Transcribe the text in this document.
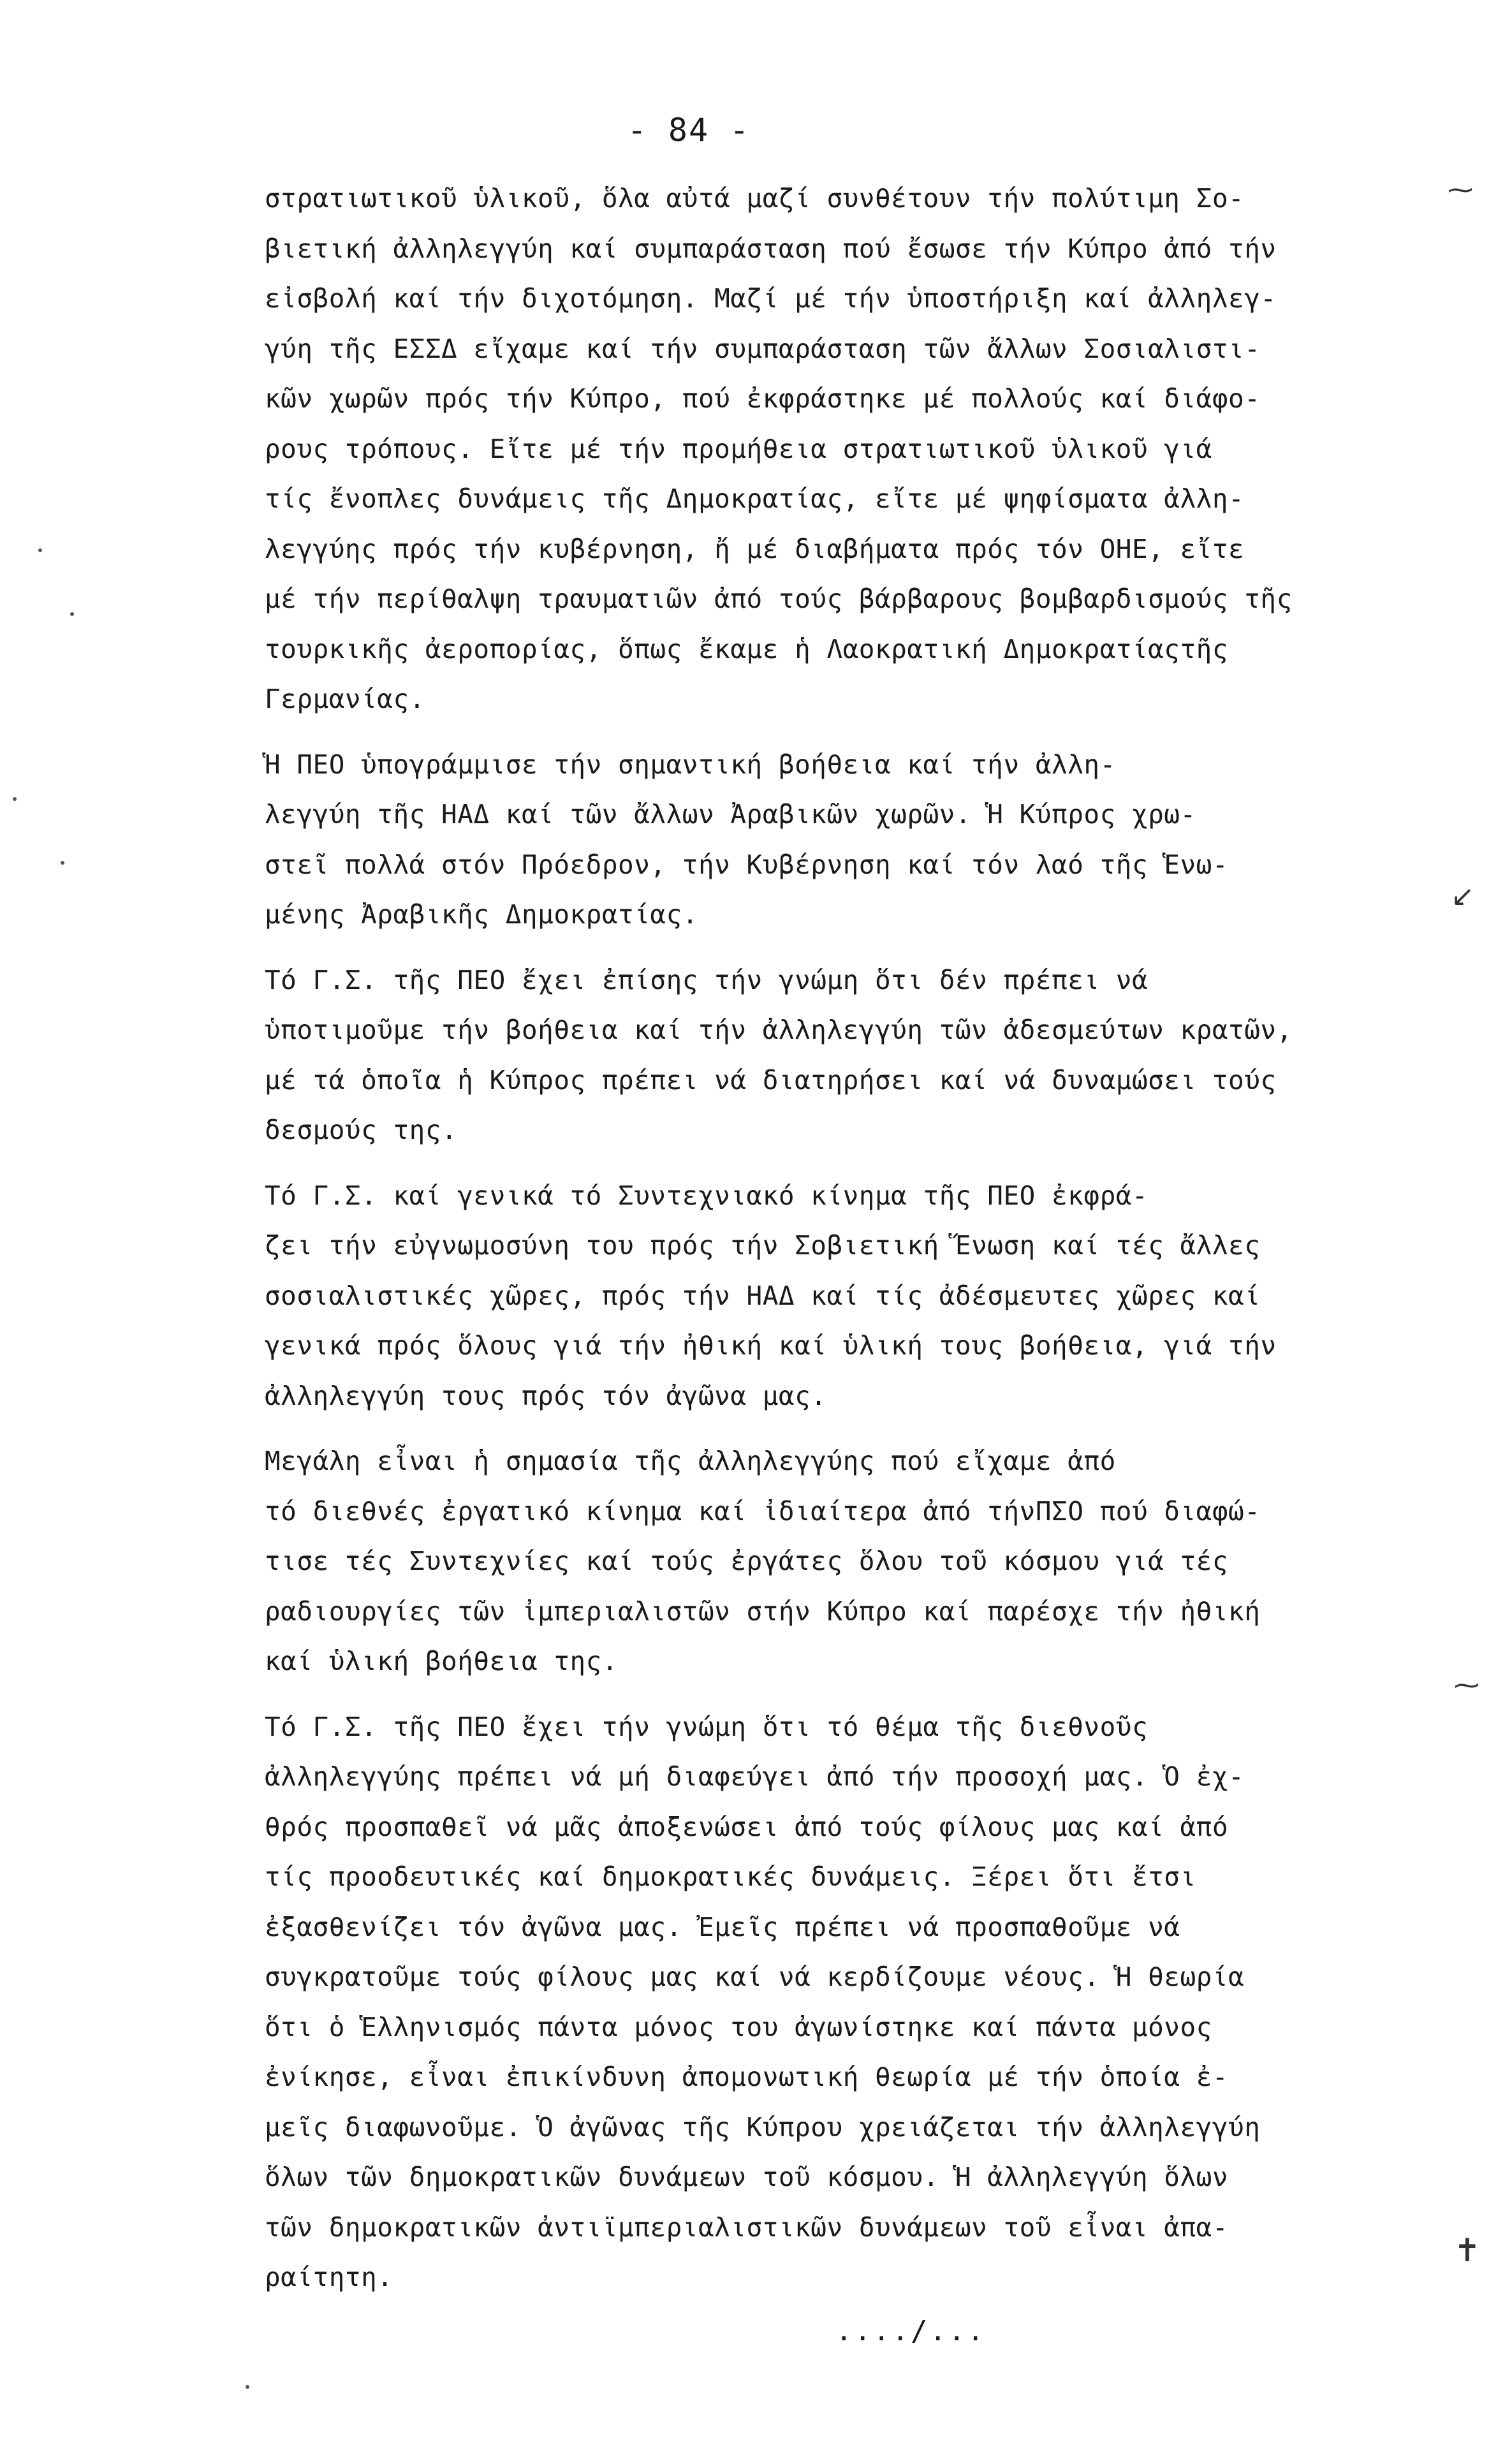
- 84 -
στρατιωτικοῦ ὑλικοῦ, ὅλα αὐτά μαζί συνθέτουν τήν πολύτιμη Σο-
βιετική ἀλληλεγγύη καί συμπαράσταση πού ἔσωσε τήν Κύπρο ἀπό τήν
εἰσβολή καί τήν διχοτόμηση. Μαζί μέ τήν ὑποστήριξη καί ἀλληλεγ-
γύη τῆς ΕΣΣΔ εἴχαμε καί τήν συμπαράσταση τῶν ἄλλων Σοσιαλιστι-
κῶν χωρῶν πρός τήν Κύπρο, πού ἐκφράστηκε μέ πολλούς καί διάφο-
ρους τρόπους. Εἴτε μέ τήν προμήθεια στρατιωτικοῦ ὑλικοῦ γιά
τίς ἔνοπλες δυνάμεις τῆς Δημοκρατίας, εἴτε μέ ψηφίσματα ἀλλη-
λεγγύης πρός τήν κυβέρνηση, ἤ μέ διαβήματα πρός τόν ΟΗΕ, εἴτε
μέ τήν περίθαλψη τραυματιῶν ἀπό τούς βάρβαρους βομβαρδισμούς τῆς
τουρκικῆς ἀεροπορίας, ὅπως ἔκαμε ἡ Λαοκρατική Δημοκρατίαςτῆς
Γερμανίας.
Ἡ ΠΕΟ ὑπογράμμισε τήν σημαντική βοήθεια καί τήν ἀλλη-
λεγγύη τῆς ΗΑΔ καί τῶν ἄλλων Ἀραβικῶν χωρῶν. Ἡ Κύπρος χρω-
στεῖ πολλά στόν Πρόεδρον, τήν Κυβέρνηση καί τόν λαό τῆς Ἑνω-
μένης Ἀραβικῆς Δημοκρατίας.
Τό Γ.Σ. τῆς ΠΕΟ ἔχει ἐπίσης τήν γνώμη ὅτι δέν πρέπει νά
ὑποτιμοῦμε τήν βοήθεια καί τήν ἀλληλεγγύη τῶν ἀδεσμεύτων κρατῶν,
μέ τά ὁποῖα ἡ Κύπρος πρέπει νά διατηρήσει καί νά δυναμώσει τούς
δεσμούς της.
Τό Γ.Σ. καί γενικά τό Συντεχνιακό κίνημα τῆς ΠΕΟ ἐκφρά-
ζει τήν εὐγνωμοσύνη του πρός τήν Σοβιετική Ἕνωση καί τές ἄλλες
σοσιαλιστικές χῶρες, πρός τήν ΗΑΔ καί τίς ἀδέσμευτες χῶρες καί
γενικά πρός ὅλους γιά τήν ἠθική καί ὑλική τους βοήθεια, γιά τήν
ἀλληλεγγύη τους πρός τόν ἀγῶνα μας.
Μεγάλη εἶναι ἡ σημασία τῆς ἀλληλεγγύης πού εἴχαμε ἀπό
τό διεθνές ἐργατικό κίνημα καί ἰδιαίτερα ἀπό τήνΠΣΟ πού διαφώ-
τισε τές Συντεχνίες καί τούς ἐργάτες ὅλου τοῦ κόσμου γιά τές
ραδιουργίες τῶν ἰμπεριαλιστῶν στήν Κύπρο καί παρέσχε τήν ἠθική
καί ὑλική βοήθεια της.
Τό Γ.Σ. τῆς ΠΕΟ ἔχει τήν γνώμη ὅτι τό θέμα τῆς διεθνοῦς
ἀλληλεγγύης πρέπει νά μή διαφεύγει ἀπό τήν προσοχή μας. Ὁ ἐχ-
θρός προσπαθεῖ νά μᾶς ἀποξενώσει ἀπό τούς φίλους μας καί ἀπό
τίς προοδευτικές καί δημοκρατικές δυνάμεις. Ξέρει ὅτι ἔτσι
ἐξασθενίζει τόν ἀγῶνα μας. Ἐμεῖς πρέπει νά προσπαθοῦμε νά
συγκρατοῦμε τούς φίλους μας καί νά κερδίζουμε νέους. Ἡ θεωρία
ὅτι ὁ Ἑλληνισμός πάντα μόνος του ἀγωνίστηκε καί πάντα μόνος
ἐνίκησε, εἶναι ἐπικίνδυνη ἀπομονωτική θεωρία μέ τήν ὁποία ἐ-
μεῖς διαφωνοῦμε. Ὁ ἀγῶνας τῆς Κύπρου χρειάζεται τήν ἀλληλεγγύη
ὅλων τῶν δημοκρατικῶν δυνάμεων τοῦ κόσμου. Ἡ ἀλληλεγγύη ὅλων
τῶν δημοκρατικῶν ἀντιϊμπεριαλιστικῶν δυνάμεων τοῦ εἶναι ἀπα-
ραίτητη.
..../...
⁓
↙
⁓
✝
